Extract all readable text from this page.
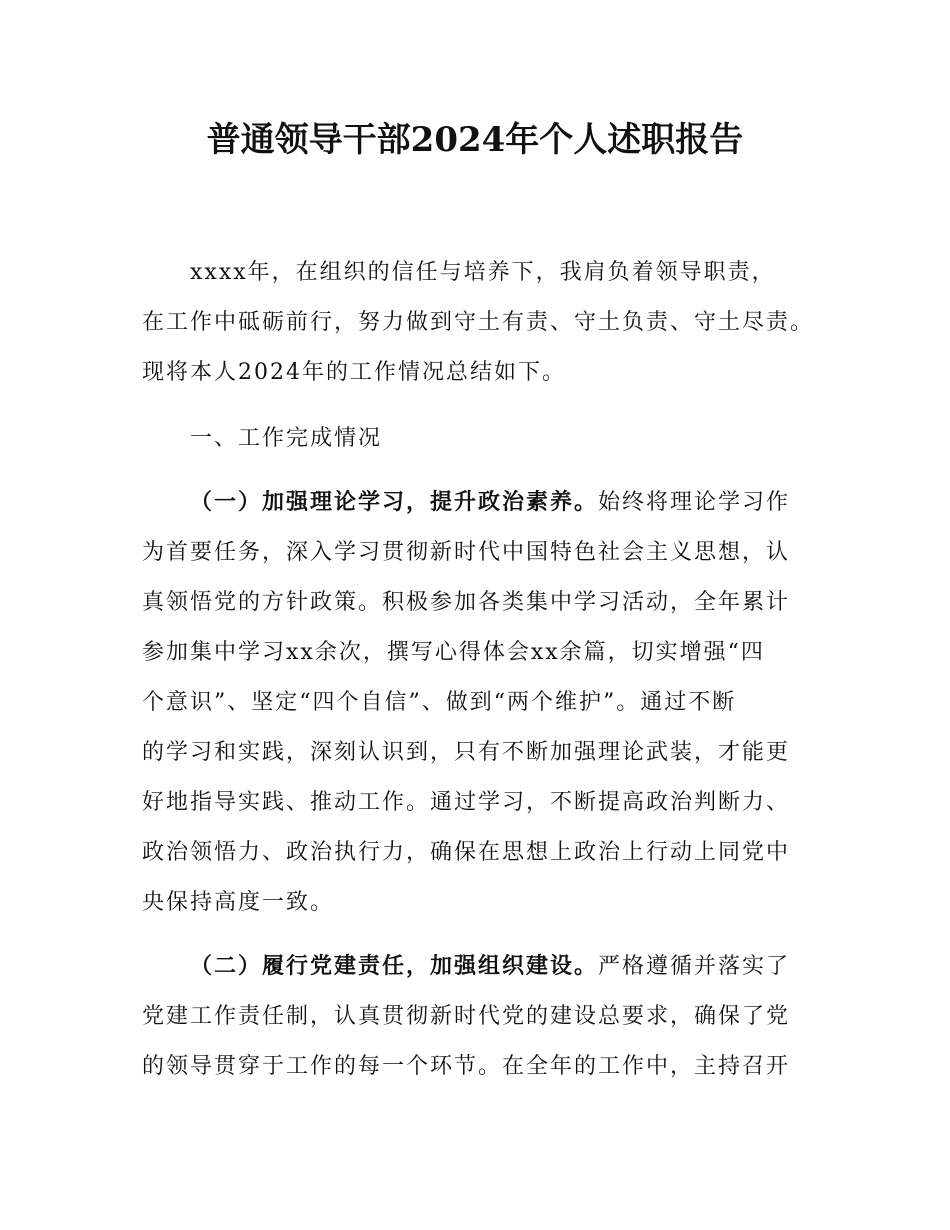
普通领导干部2024年个人述职报告
xxxx年，在组织的信任与培养下，我肩负着领导职责，
在工作中砥砺前行，努力做到守土有责、守土负责、守土尽责。
现将本人2024年的工作情况总结如下。
一、工作完成情况
（一）加强理论学习，提升政治素养。始终将理论学习作
为首要任务，深入学习贯彻新时代中国特色社会主义思想，认
真领悟党的方针政策。积极参加各类集中学习活动，全年累计
参加集中学习xx余次，撰写心得体会xx余篇，切实增强“四
个意识”、坚定“四个自信”、做到“两个维护”。通过不断
的学习和实践，深刻认识到，只有不断加强理论武装，才能更
好地指导实践、推动工作。通过学习，不断提高政治判断力、
政治领悟力、政治执行力，确保在思想上政治上行动上同党中
央保持高度一致。
（二）履行党建责任，加强组织建设。严格遵循并落实了
党建工作责任制，认真贯彻新时代党的建设总要求，确保了党
的领导贯穿于工作的每一个环节。在全年的工作中，主持召开
